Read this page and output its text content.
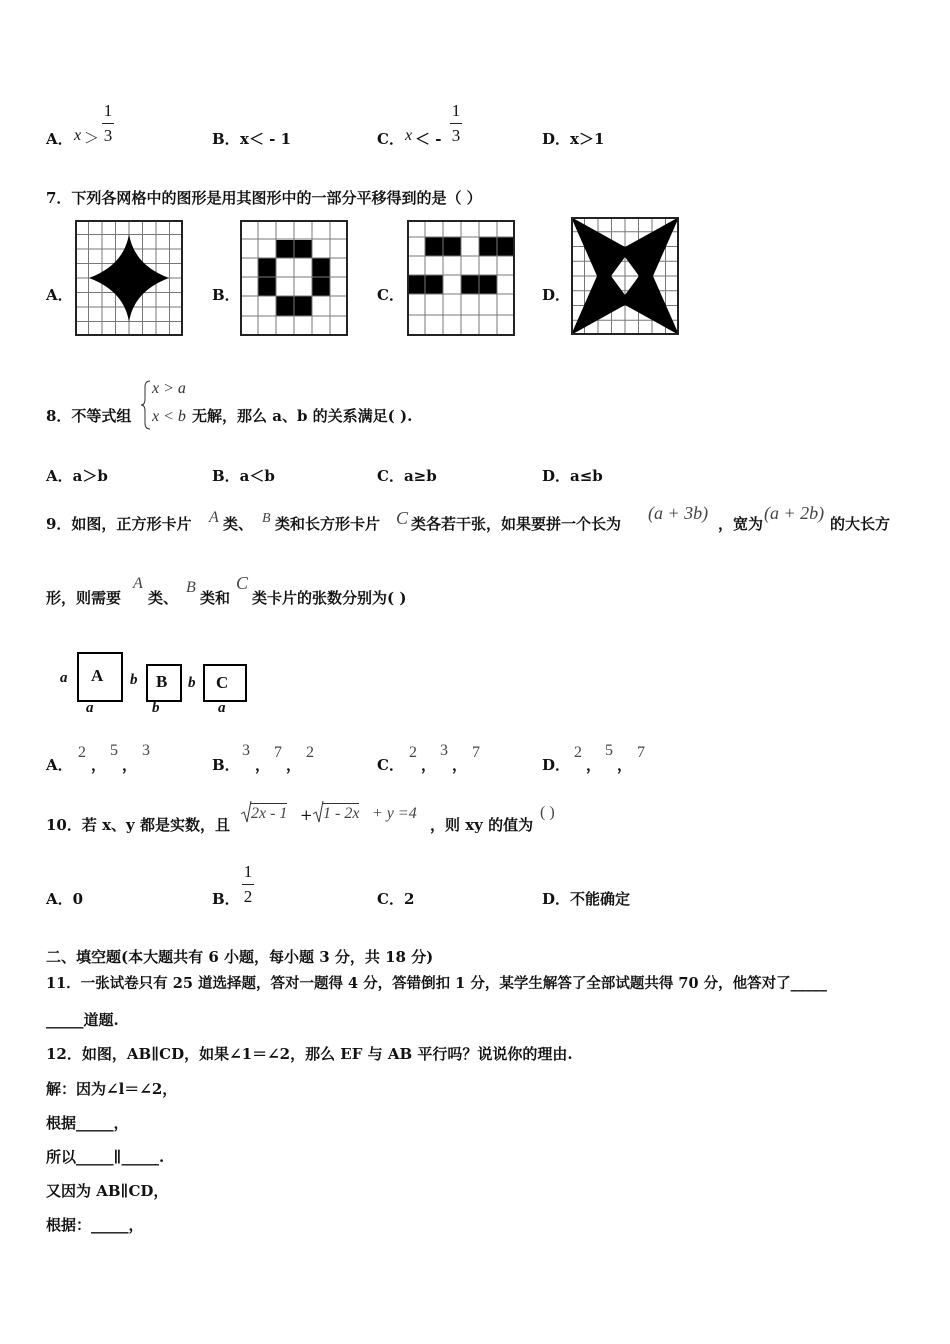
A． x ＞
1
3	B． x＜ - 1	C． x ＜ -
1
3	D． x＞1
7．下列各网格中的图形是用其图形中的一部分平移得到的是（ ）
A．	B．	C．	D．
8．不等式组
x > a
x < b 无解，那么 a、b 的关系满足( ).
A．a＞b	B．a＜b	C．a≥b	D．a≤b
9．如图，正方形卡片 A 类、 B 类和长方形卡片 C 类各若干张，如果要拼一个长为
(a + 3b)
，宽为
(a + 2b)
的大长方
形，则需要
A
类、
B
类和
C
类卡片的张数分别为( )
a A
a
b B
b
b C
a
A．
2
，
5
，
3
B．
3
，
7
，
2
C．
2
，
3
，
7
D．
2
，
5
，
7
10．若 x、y 都是实数，且
2x - 1 + 1 - 2x + y =4
，则 xy 的值为
( )
A．0	B．
1
2	C．2	D．不能确定
二、填空题(本大题共有 6 小题，每小题 3 分，共 18 分)
11．一张试卷只有 25 道选择题，答对一题得 4 分，答错倒扣 1 分，某学生解答了全部试题共得 70 分，他答对了_____
_____道题.
12．如图，AB∥CD，如果∠1＝∠2，那么 EF 与 AB 平行吗？说说你的理由.
解：因为∠l＝∠2，
根据_____，
所以_____∥_____.
又因为 AB∥CD，
根据：_____，
